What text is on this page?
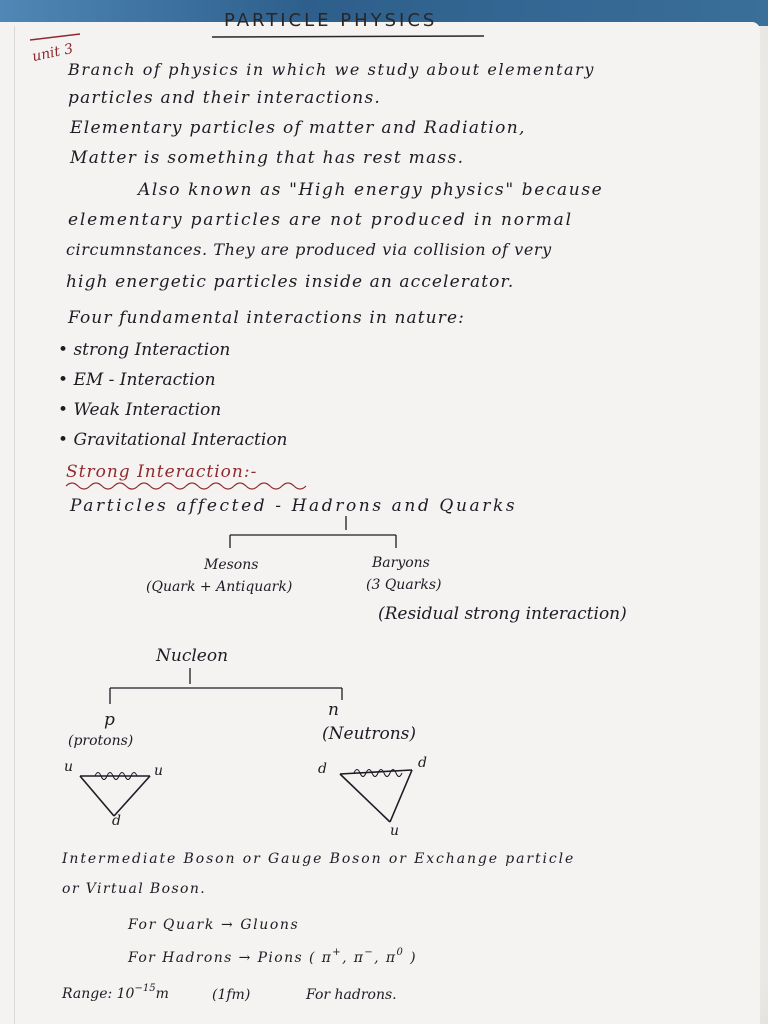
PARTICLE PHYSICS

unit 3

Branch of physics in which we study about elementary

particles and their interactions.

Elementary particles of matter and Radiation,

Matter is something that has rest mass.

Also known as "High energy physics" because

elementary particles are not produced in normal

circumnstances. They are produced via collision of very

high energetic particles inside an accelerator.

Four fundamental interactions in nature:

• strong Interaction

• EM - Interaction

• Weak Interaction

• Gravitational Interaction

Strong Interaction:-

Particles affected - Hadrons and Quarks

Mesons

(Quark + Antiquark)

Baryons

(3 Quarks)

(Residual strong interaction)

Nucleon

p

(protons)

n

(Neutrons)

u	u

d

d	d

u

Intermediate Boson or Gauge Boson or Exchange particle

or Virtual Boson.

For Quark → Gluons

For Hadrons → Pions ( π+, π−, $\pi^0$ )

Range: $10^{-15}m$	(1fm)	For hadrons.
